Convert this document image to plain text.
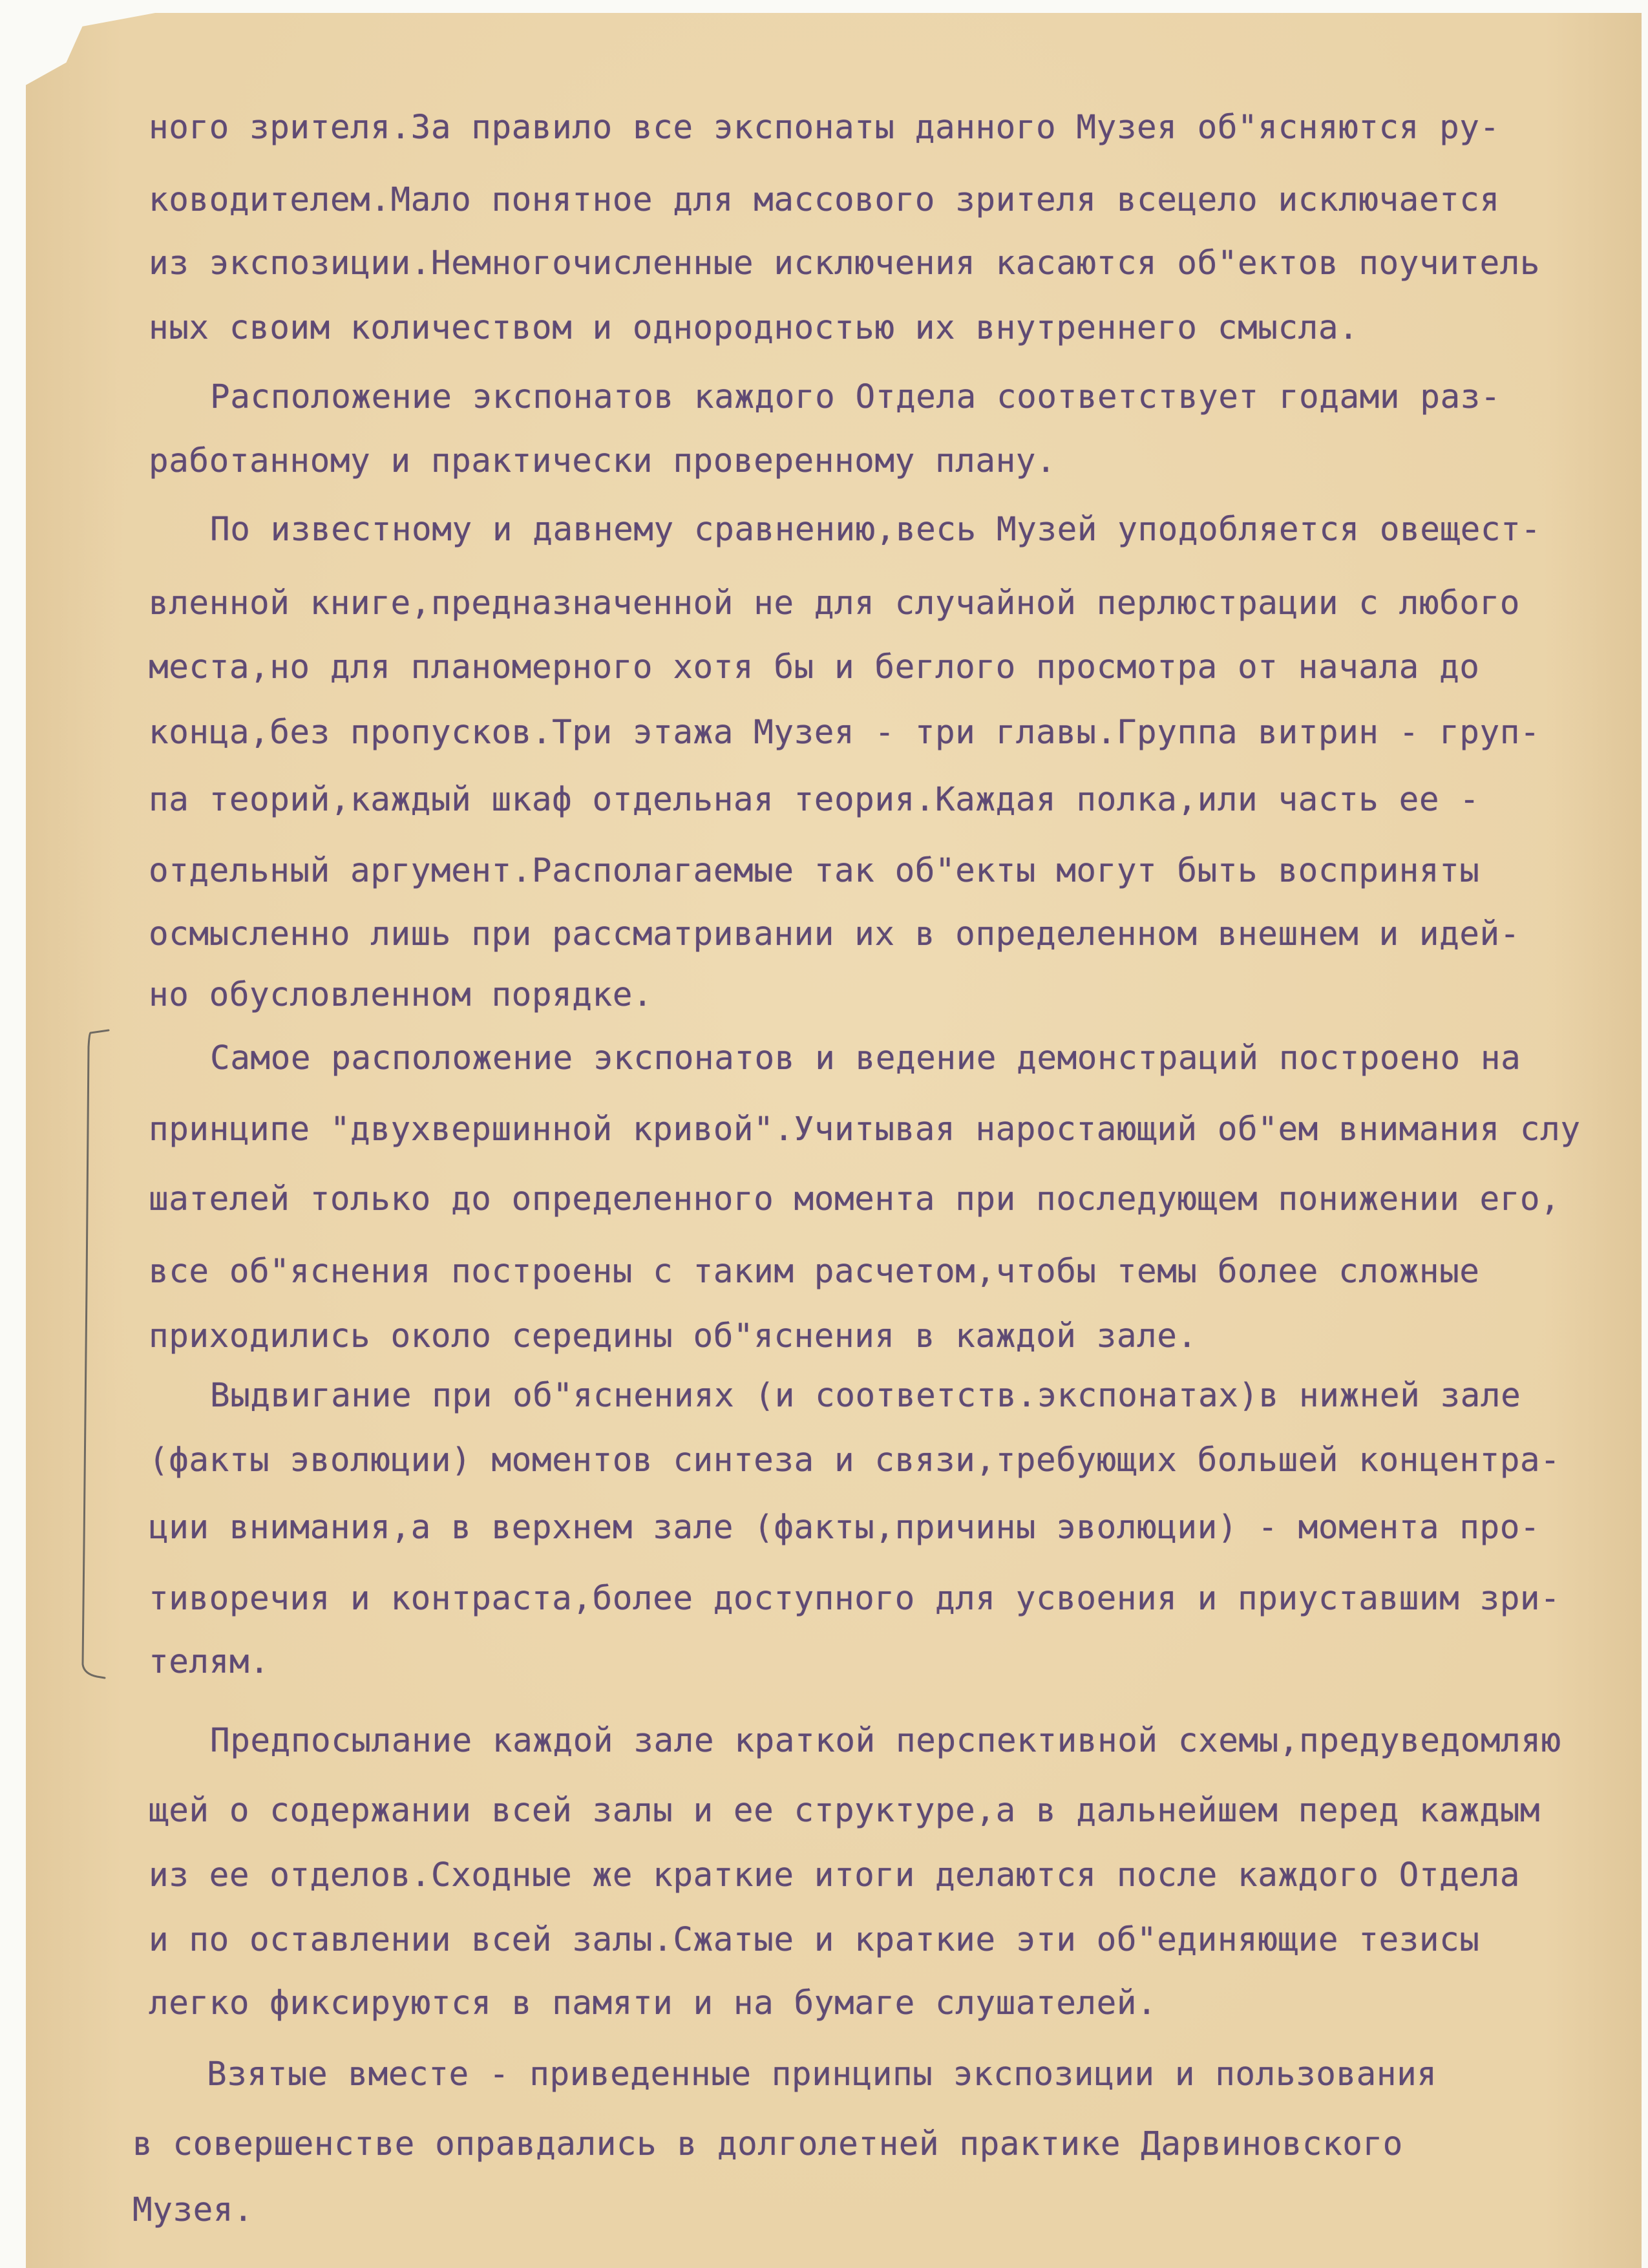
ного зрителя.За правило все экспонаты данного Музея об"ясняются ру-

ководителем.Мало понятное для массового зрителя всецело исключается

из экспозиции.Немногочисленные исключения касаются об"ектов поучитель

ных своим количеством и однородностью их внутреннего смысла.

Расположение экспонатов каждого Отдела соответствует годами раз-

работанному и практически проверенному плану.

По известному и давнему сравнению,весь Музей уподобляется овещест-

вленной книге,предназначенной не для случайной перлюстрации с любого

места,но для планомерного хотя бы и беглого просмотра от начала до

конца,без пропусков.Три этажа Музея - три главы.Группа витрин - груп-

па теорий,каждый шкаф отдельная теория.Каждая полка,или часть ее -

отдельный аргумент.Располагаемые так об"екты могут быть восприняты

осмысленно лишь при рассматривании их в определенном внешнем и идей-

но обусловленном порядке.

Самое расположение экспонатов и ведение демонстраций построено на

принципе "двухвершинной кривой".Учитывая наростающий об"ем внимания слу

шателей только до определенного момента при последующем понижении его,

все об"яснения построены с таким расчетом,чтобы темы более сложные

приходились около середины об"яснения в каждой зале.

Выдвигание при об"яснениях (и соответств.экспонатах)в нижней зале

(факты эволюции) моментов синтеза и связи,требующих большей концентра-

ции внимания,а в верхнем зале (факты,причины эволюции) - момента про-

тиворечия и контраста,более доступного для усвоения и приуставшим зри-

телям.

Предпосылание каждой зале краткой перспективной схемы,предуведомляю

щей о содержании всей залы и ее структуре,а в дальнейшем перед каждым

из ее отделов.Сходные же краткие итоги делаются после каждого Отдела

и по оставлении всей залы.Сжатые и краткие эти об"единяющие тезисы

легко фиксируются в памяти и на бумаге слушателей.

Взятые вместе - приведенные принципы экспозиции и пользования

в совершенстве оправдались в долголетней практике Дарвиновского

Музея.
